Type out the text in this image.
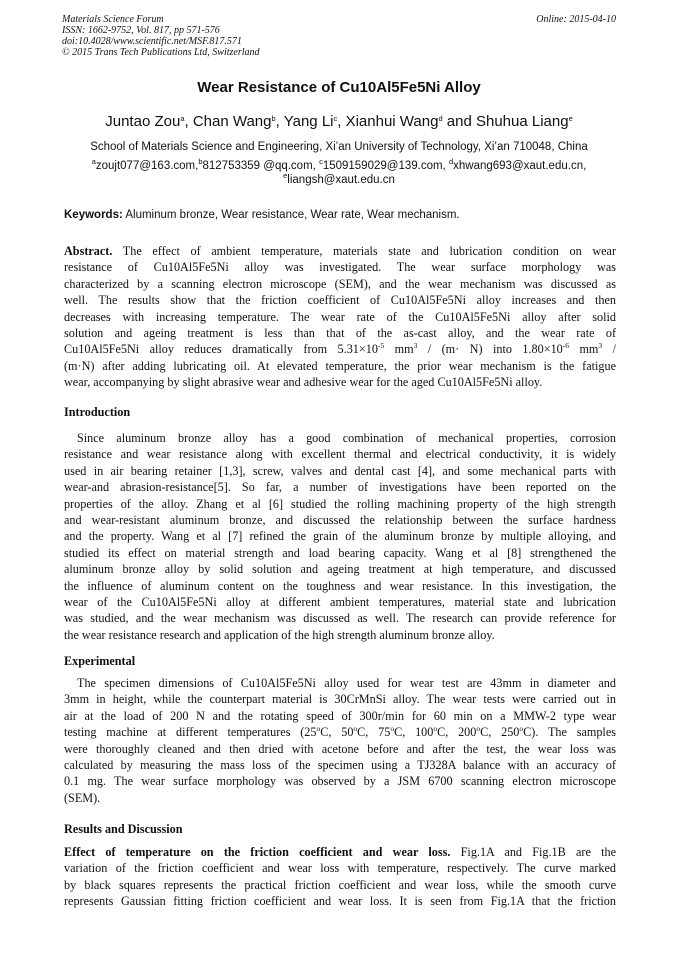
Materials Science Forum
ISSN: 1662-9752, Vol. 817, pp 571-576
doi:10.4028/www.scientific.net/MSF.817.571
© 2015 Trans Tech Publications Ltd, Switzerland
Online: 2015-04-10
Wear Resistance of Cu10Al5Fe5Ni Alloy
Juntao Zou$^a$, Chan Wang$^b$, Yang Li$^c$, Xianhui Wang$^d$ and Shuhua Liang$^e$
School of Materials Science and Engineering, Xi’an University of Technology, Xi’an 710048, China
$^a$zoujt077@163.com,$^b$812753359 @qq.com, $^c$1509159029@139.com, $^d$xhwang693@xaut.edu.cn,
$^e$liangsh@xaut.edu.cn
Keywords: Aluminum bronze, Wear resistance, Wear rate, Wear mechanism.
Abstract. The effect of ambient temperature, materials state and lubrication condition on wear
resistance of Cu10Al5Fe5Ni alloy was investigated. The wear surface morphology was
characterized by a scanning electron microscope (SEM), and the wear mechanism was discussed as
well. The results show that the friction coefficient of Cu10Al5Fe5Ni alloy increases and then
decreases with increasing temperature. The wear rate of the Cu10Al5Fe5Ni alloy after solid
solution and ageing treatment is less than that of the as-cast alloy, and the wear rate of
Cu10Al5Fe5Ni alloy reduces dramatically from $5.31\times 10^{-5}$ $mm^3 / (m\cdot N)$ into $1.80\times 10^{-6}$ $mm^3$ /
(m·N) after adding lubricating oil. At elevated temperature, the prior wear mechanism is the fatigue
wear, accompanying by slight abrasive wear and adhesive wear for the aged Cu10Al5Fe5Ni alloy.
Introduction
Since aluminum bronze alloy has a good combination of mechanical properties, corrosion
resistance and wear resistance along with excellent thermal and electrical conductivity, it is widely
used in air bearing retainer [1,3], screw, valves and dental cast [4], and some mechanical parts with
wear-and abrasion-resistance[5]. So far, a number of investigations have been reported on the
properties of the alloy. Zhang et al [6] studied the rolling machining property of the high strength
and wear-resistant aluminum bronze, and discussed the relationship between the surface hardness
and the property. Wang et al [7] refined the grain of the aluminum bronze by multiple alloying, and
studied its effect on material strength and load bearing capacity. Wang et al [8] strengthened the
aluminum bronze alloy by solid solution and ageing treatment at high temperature, and discussed
the influence of aluminum content on the toughness and wear resistance. In this investigation, the
wear of the Cu10Al5Fe5Ni alloy at different ambient temperatures, material state and lubrication
was studied, and the wear mechanism was discussed as well. The research can provide reference for
the wear resistance research and application of the high strength aluminum bronze alloy.
Experimental
The specimen dimensions of Cu10Al5Fe5Ni alloy used for wear test are 43mm in diameter and
3mm in height, while the counterpart material is 30CrMnSi alloy. The wear tests were carried out in
air at the load of 200 N and the rotating speed of 300r/min for 60 min on a MMW-2 type wear
testing machine at different temperatures (25$^o$C, 50$^o$C, 75$^o$C, 100$^o$C, 200$^o$C, 250$^o$C). The samples
were thoroughly cleaned and then dried with acetone before and after the test, the wear loss was
calculated by measuring the mass loss of the specimen using a TJ328A balance with an accuracy of
0.1 mg. The wear surface morphology was observed by a JSM 6700 scanning electron microscope
(SEM).
Results and Discussion
Effect of temperature on the friction coefficient and wear loss. Fig.1A and Fig.1B are the
variation of the friction coefficient and wear loss with temperature, respectively. The curve marked
by black squares represents the practical friction coefficient and wear loss, while the smooth curve
represents Gaussian fitting friction coefficient and wear loss. It is seen from Fig.1A that the friction
